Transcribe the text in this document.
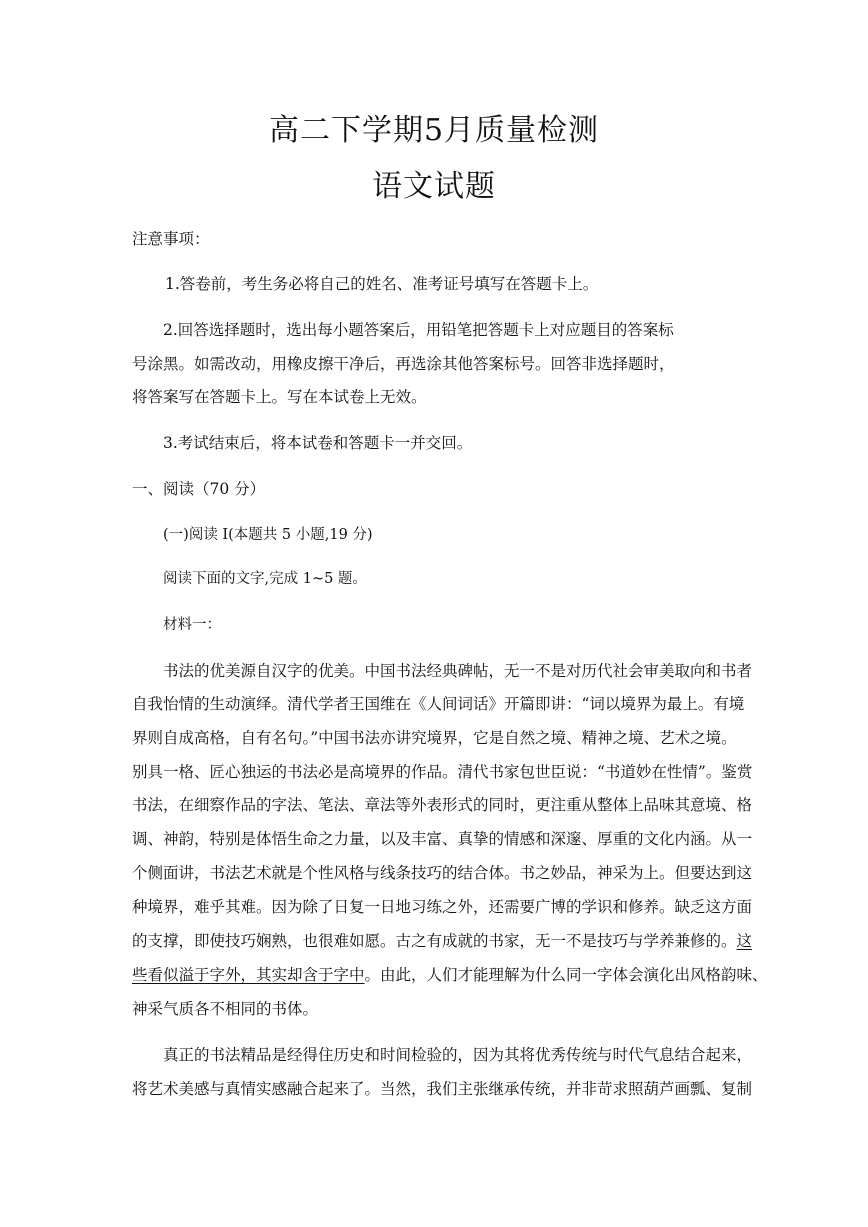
高二下学期5月质量检测
语文试题
注意事项：
1.答卷前，考生务必将自己的姓名、准考证号填写在答题卡上。
2.回答选择题时，选出每小题答案后，用铅笔把答题卡上对应题目的答案标
号涂黑。如需改动，用橡皮擦干净后，再选涂其他答案标号。回答非选择题时，
将答案写在答题卡上。写在本试卷上无效。
3.考试结束后，将本试卷和答题卡一并交回。
一、阅读（70 分）
(一)阅读 I(本题共 5 小题,19 分)
阅读下面的文字,完成 1~5 题。
材料一：
书法的优美源自汉字的优美。中国书法经典碑帖，无一不是对历代社会审美取向和书者
自我怡情的生动演绎。清代学者王国维在《人间词话》开篇即讲：“词以境界为最上。有境
界则自成高格，自有名句。”中国书法亦讲究境界，它是自然之境、精神之境、艺术之境。
别具一格、匠心独运的书法必是高境界的作品。清代书家包世臣说：“书道妙在性情”。鉴赏
书法，在细察作品的字法、笔法、章法等外表形式的同时，更注重从整体上品味其意境、格
调、神韵，特别是体悟生命之力量，以及丰富、真挚的情感和深邃、厚重的文化内涵。从一
个侧面讲，书法艺术就是个性风格与线条技巧的结合体。书之妙品，神采为上。但要达到这
种境界，难乎其难。因为除了日复一日地习练之外，还需要广博的学识和修养。缺乏这方面
的支撑，即使技巧娴熟，也很难如愿。古之有成就的书家，无一不是技巧与学养兼修的。这
些看似溢于字外，其实却含于字中。由此，人们才能理解为什么同一字体会演化出风格韵味、
神采气质各不相同的书体。
真正的书法精品是经得住历史和时间检验的，因为其将优秀传统与时代气息结合起来，
将艺术美感与真情实感融合起来了。当然，我们主张继承传统，并非苛求照葫芦画瓢、复制
